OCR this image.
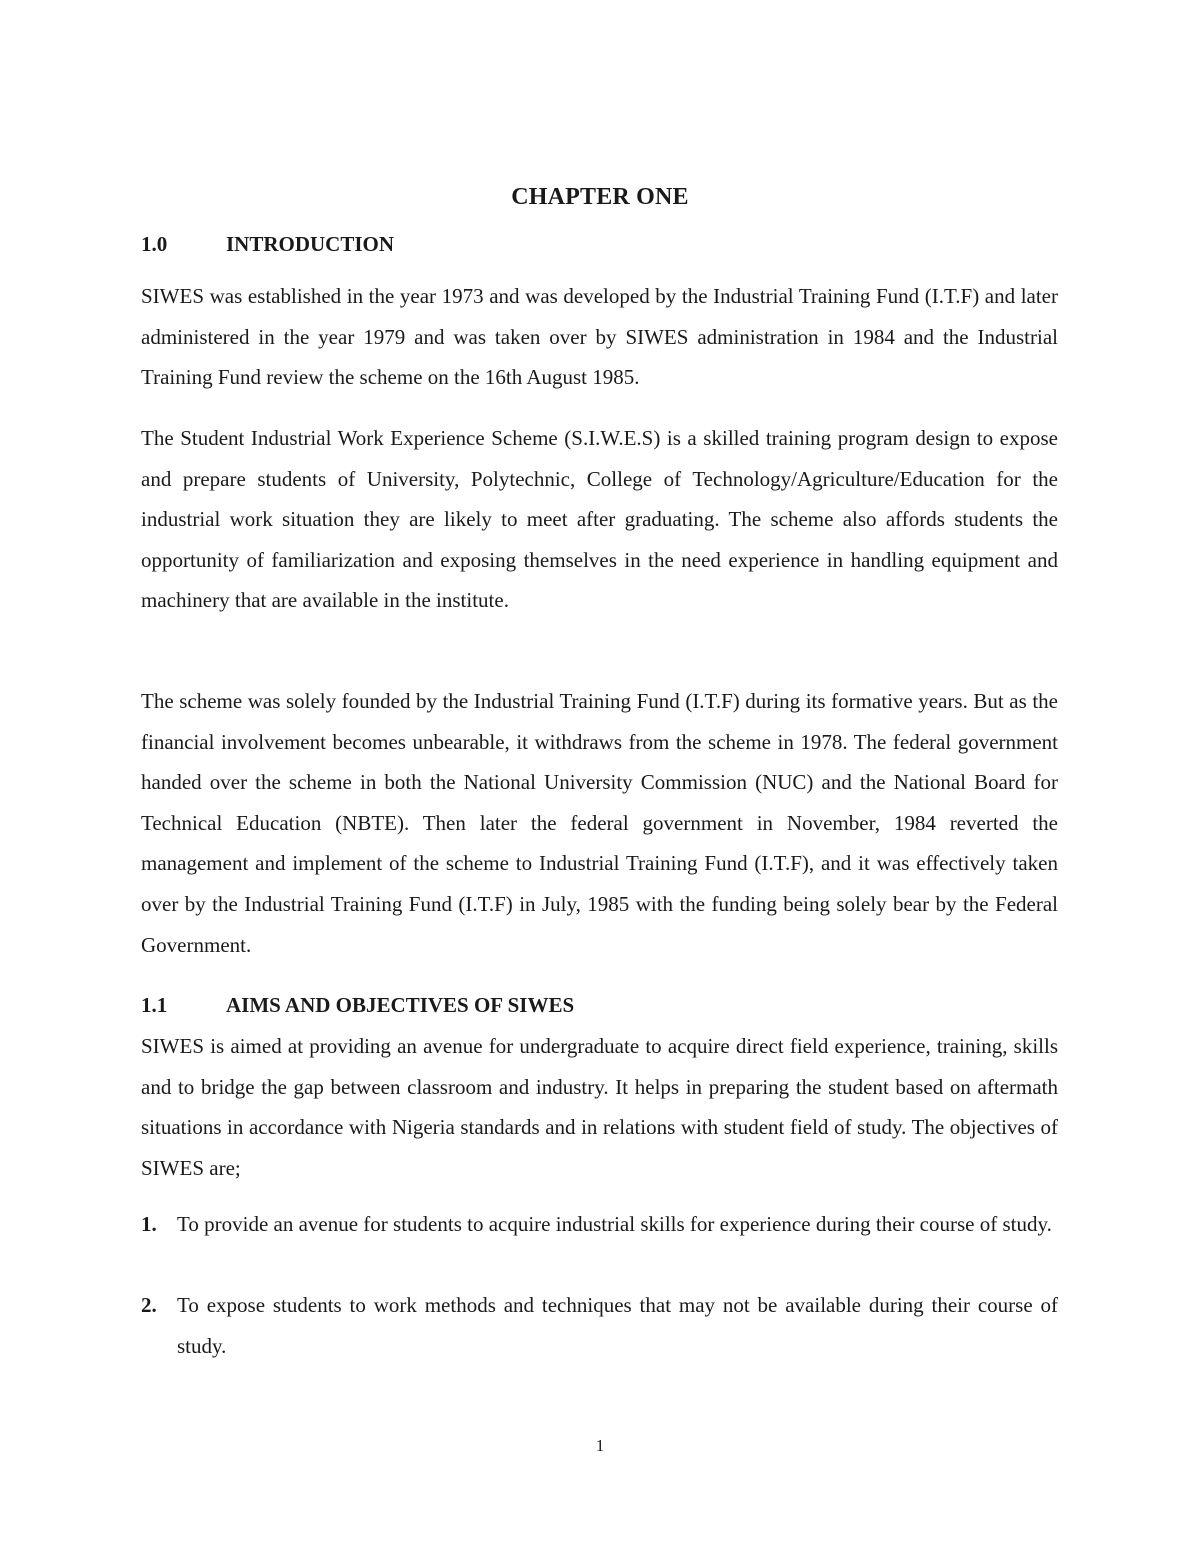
CHAPTER ONE
1.0	INTRODUCTION

SIWES was established in the year 1973 and was developed by the Industrial Training Fund (I.T.F) and later administered in the year 1979 and was taken over by SIWES administration in 1984 and the Industrial Training Fund review the scheme on the 16th August 1985.

The Student Industrial Work Experience Scheme (S.I.W.E.S) is a skilled training program design to expose and prepare students of University, Polytechnic, College of Technology/Agriculture/Education for the industrial work situation they are likely to meet after graduating. The scheme also affords students the opportunity of familiarization and exposing themselves in the need experience in handling equipment and machinery that are available in the institute.

The scheme was solely founded by the Industrial Training Fund (I.T.F) during its formative years. But as the financial involvement becomes unbearable, it withdraws from the scheme in 1978. The federal government handed over the scheme in both the National University Commission (NUC) and the National Board for Technical Education (NBTE). Then later the federal government in November, 1984 reverted the management and implement of the scheme to Industrial Training Fund (I.T.F), and it was effectively taken over by the Industrial Training Fund (I.T.F) in July, 1985 with the funding being solely bear by the Federal Government.

1.1	AIMS AND OBJECTIVES OF SIWES

SIWES is aimed at providing an avenue for undergraduate to acquire direct field experience, training, skills and to bridge the gap between classroom and industry. It helps in preparing the student based on aftermath situations in accordance with Nigeria standards and in relations with student field of study. The objectives of SIWES are;

1. To provide an avenue for students to acquire industrial skills for experience during their course of study.
2. To expose students to work methods and techniques that may not be available during their course of study.
1
